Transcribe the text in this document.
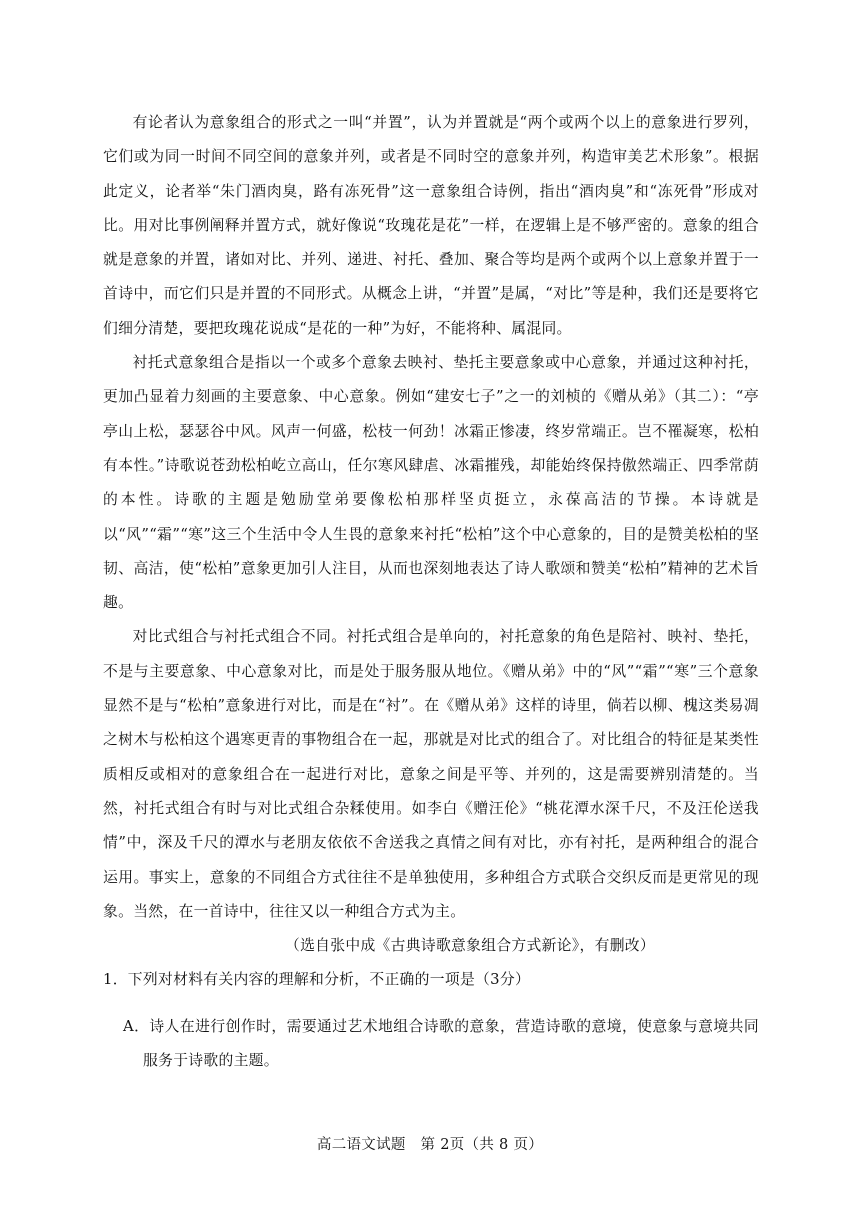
有论者认为意象组合的形式之一叫“并置”，认为并置就是“两个或两个以上的意象进行罗列，它们或为同一时间不同空间的意象并列，或者是不同时空的意象并列，构造审美艺术形象”。根据此定义，论者举“朱门酒肉臭，路有冻死骨”这一意象组合诗例，指出“酒肉臭”和“冻死骨”形成对比。用对比事例阐释并置方式，就好像说“玫瑰花是花”一样，在逻辑上是不够严密的。意象的组合就是意象的并置，诸如对比、并列、递进、衬托、叠加、聚合等均是两个或两个以上意象并置于一首诗中，而它们只是并置的不同形式。从概念上讲，“并置”是属，“对比”等是种，我们还是要将它们细分清楚，要把玫瑰花说成“是花的一种”为好，不能将种、属混同。

衬托式意象组合是指以一个或多个意象去映衬、垫托主要意象或中心意象，并通过这种衬托，更加凸显着力刻画的主要意象、中心意象。例如“建安七子”之一的刘桢的《赠从弟》（其二）：“亭亭山上松，瑟瑟谷中风。风声一何盛，松枝一何劲！冰霜正惨凄，终岁常端正。岂不罹凝寒，松柏有本性。”诗歌说苍劲松柏屹立高山，任尔寒风肆虐、冰霜摧残，却能始终保持傲然端正、四季常荫的本性。诗歌的主题是勉励堂弟要像松柏那样坚贞挺立，永葆高洁的节操。本诗就是以“风”“霜”“寒”这三个生活中令人生畏的意象来衬托“松柏”这个中心意象的，目的是赞美松柏的坚韧、高洁，使“松柏”意象更加引人注目，从而也深刻地表达了诗人歌颂和赞美“松柏”精神的艺术旨趣。

对比式组合与衬托式组合不同。衬托式组合是单向的，衬托意象的角色是陪衬、映衬、垫托，不是与主要意象、中心意象对比，而是处于服务服从地位。《赠从弟》中的“风”“霜”“寒”三个意象显然不是与“松柏”意象进行对比，而是在“衬”。在《赠从弟》这样的诗里，倘若以柳、槐这类易凋之树木与松柏这个遇寒更青的事物组合在一起，那就是对比式的组合了。对比组合的特征是某类性质相反或相对的意象组合在一起进行对比，意象之间是平等、并列的，这是需要辨别清楚的。当然，衬托式组合有时与对比式组合杂糅使用。如李白《赠汪伦》“桃花潭水深千尺，不及汪伦送我情”中，深及千尺的潭水与老朋友依依不舍送我之真情之间有对比，亦有衬托，是两种组合的混合运用。事实上，意象的不同组合方式往往不是单独使用，多种组合方式联合交织反而是更常见的现象。当然，在一首诗中，往往又以一种组合方式为主。

（选自张中成《古典诗歌意象组合方式新论》，有删改）

1．下列对材料有关内容的理解和分析，不正确的一项是（3分）

A．诗人在进行创作时，需要通过艺术地组合诗歌的意象，营造诗歌的意境，使意象与意境共同服务于诗歌的主题。

高二语文试题　第 2页（共 8 页）
